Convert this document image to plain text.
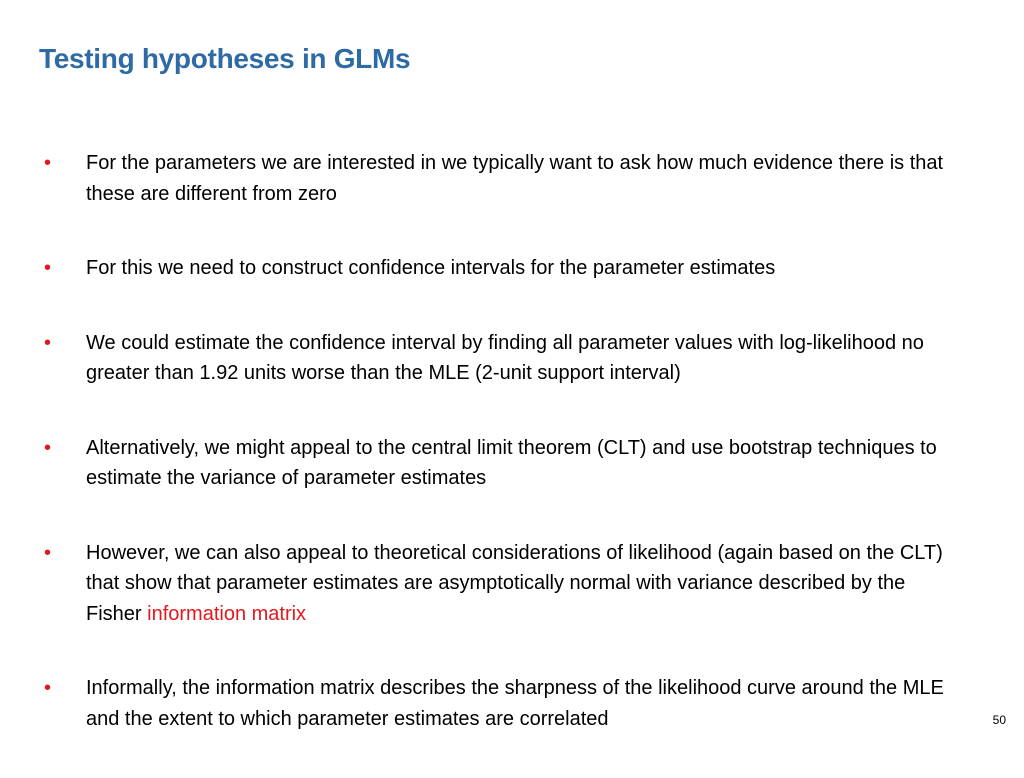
Testing hypotheses in GLMs
• For the parameters we are interested in we typically want to ask how much evidence there is that these are different from zero
• For this we need to construct confidence intervals for the parameter estimates
• We could estimate the confidence interval by finding all parameter values with log-likelihood no greater than 1.92 units worse than the MLE (2-unit support interval)
• Alternatively, we might appeal to the central limit theorem (CLT) and use bootstrap techniques to estimate the variance of parameter estimates
• However, we can also appeal to theoretical considerations of likelihood (again based on the CLT) that show that parameter estimates are asymptotically normal with variance described by the Fisher information matrix
• Informally, the information matrix describes the sharpness of the likelihood curve around the MLE and the extent to which parameter estimates are correlated	50
